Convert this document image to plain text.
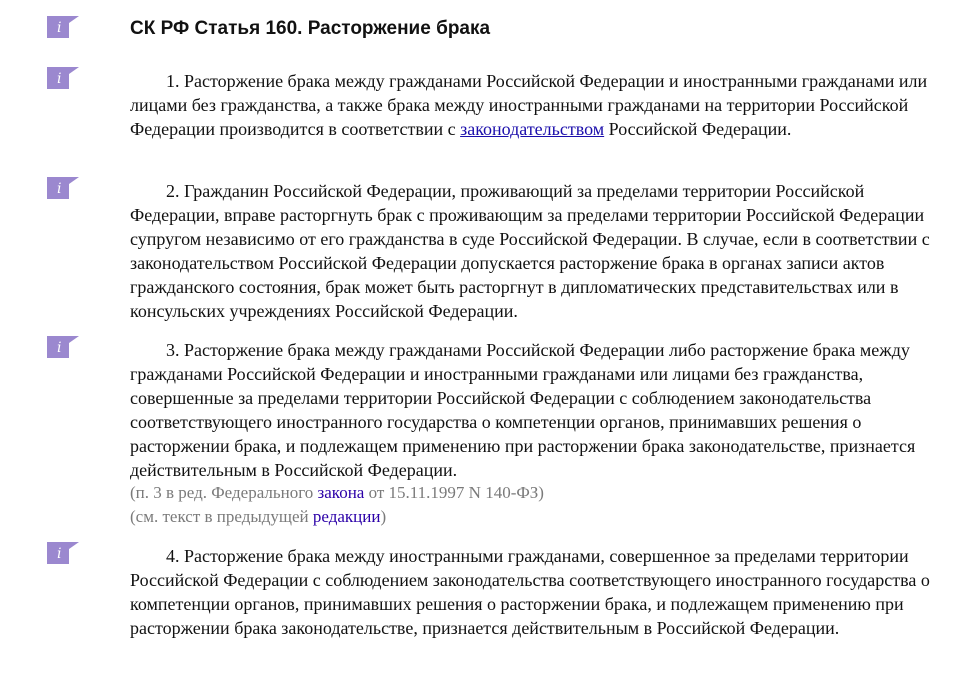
i
i
i
i
i
СК РФ Статья 160. Расторжение брака

1. Расторжение брака между гражданами Российской Федерации и иностранными гражданами или лицами без гражданства, а также брака между иностранными гражданами на территории Российской Федерации производится в соответствии с законодательством Российской Федерации.

2. Гражданин Российской Федерации, проживающий за пределами территории Российской Федерации, вправе расторгнуть брак с проживающим за пределами территории Российской Федерации супругом независимо от его гражданства в суде Российской Федерации. В случае, если в соответствии с законодательством Российской Федерации допускается расторжение брака в органах записи актов гражданского состояния, брак может быть расторгнут в дипломатических представительствах или в консульских учреждениях Российской Федерации.

3. Расторжение брака между гражданами Российской Федерации либо расторжение брака между гражданами Российской Федерации и иностранными гражданами или лицами без гражданства, совершенные за пределами территории Российской Федерации с соблюдением законодательства соответствующего иностранного государства о компетенции органов, принимавших решения о расторжении брака, и подлежащем применению при расторжении брака законодательстве, признается действительным в Российской Федерации.

(п. 3 в ред. Федерального закона от 15.11.1997 N 140-ФЗ)

(см. текст в предыдущей редакции)

4. Расторжение брака между иностранными гражданами, совершенное за пределами территории Российской Федерации с соблюдением законодательства соответствующего иностранного государства о компетенции органов, принимавших решения о расторжении брака, и подлежащем применению при расторжении брака законодательстве, признается действительным в Российской Федерации.
